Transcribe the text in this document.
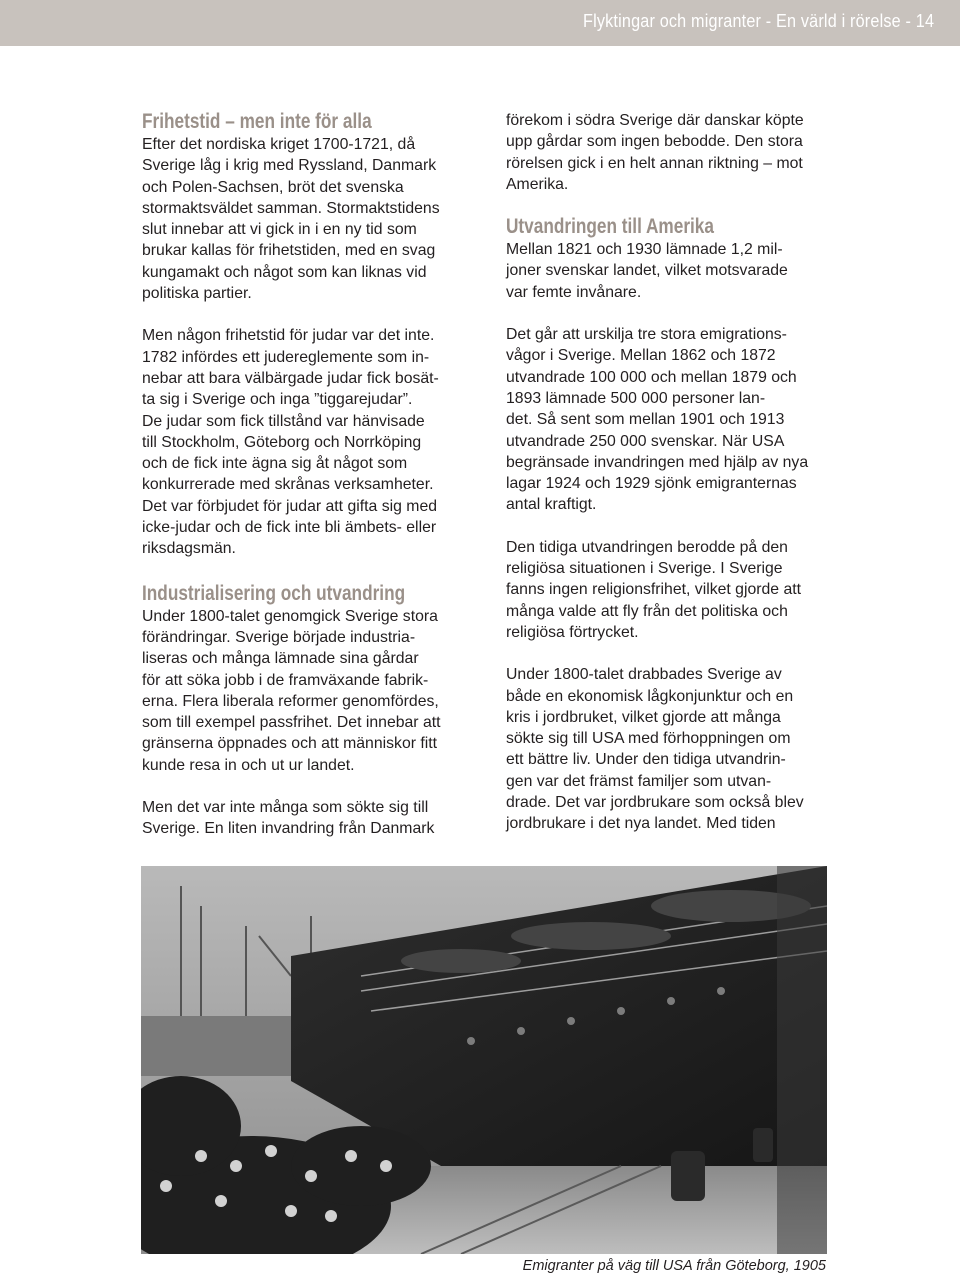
Flyktingar och migranter - En värld i rörelse - 14
Frihetstid – men inte för alla

Efter det nordiska kriget 1700-1721, då
Sverige låg i krig med Ryssland, Danmark
och Polen-Sachsen, bröt det svenska
stormaktsväldet samman. Stormaktstidens
slut innebar att vi gick in i en ny tid som
brukar kallas för frihetstiden, med en svag
kungamakt och något som kan liknas vid
politiska partier.

Men någon frihetstid för judar var det inte.
1782 infördes ett judereglemente som in-
nebar att bara välbärgade judar fick bosät-
ta sig i Sverige och inga ”tiggarejudar”.
De judar som fick tillstånd var hänvisade
till Stockholm, Göteborg och Norrköping
och de fick inte ägna sig åt något som
konkurrerade med skrånas verksamheter.
Det var förbjudet för judar att gifta sig med
icke-judar och de fick inte bli ämbets- eller
riksdagsmän.

Industrialisering och utvandring

Under 1800-talet genomgick Sverige stora
förändringar. Sverige började industria-
liseras och många lämnade sina gårdar
för att söka jobb i de framväxande fabrik-
erna. Flera liberala reformer genomfördes,
som till exempel passfrihet. Det innebar att
gränserna öppnades och att människor fitt
kunde resa in och ut ur landet.

Men det var inte många som sökte sig till
Sverige. En liten invandring från Danmark

förekom i södra Sverige där danskar köpte
upp gårdar som ingen bebodde. Den stora
rörelsen gick i en helt annan riktning – mot
Amerika.

Utvandringen till Amerika

Mellan 1821 och 1930 lämnade 1,2 mil-
joner svenskar landet, vilket motsvarade
var femte invånare.

Det går att urskilja tre stora emigrations-
vågor i Sverige. Mellan 1862 och 1872
utvandrade 100 000 och mellan 1879 och
1893 lämnade 500 000 personer lan-
det. Så sent som mellan 1901 och 1913
utvandrade 250 000 svenskar. När USA
begränsade invandringen med hjälp av nya
lagar 1924 och 1929 sjönk emigranternas
antal kraftigt.

Den tidiga utvandringen berodde på den
religiösa situationen i Sverige. I Sverige
fanns ingen religionsfrihet, vilket gjorde att
många valde att fly från det politiska och
religiösa förtrycket.

Under 1800-talet drabbades Sverige av
både en ekonomisk lågkonjunktur och en
kris i jordbruket, vilket gjorde att många
sökte sig till USA med förhoppningen om
ett bättre liv. Under den tidiga utvandrin-
gen var det främst familjer som utvan-
drade. Det var jordbrukare som också blev
jordbrukare i det nya landet. Med tiden

Emigranter på väg till USA från Göteborg, 1905
